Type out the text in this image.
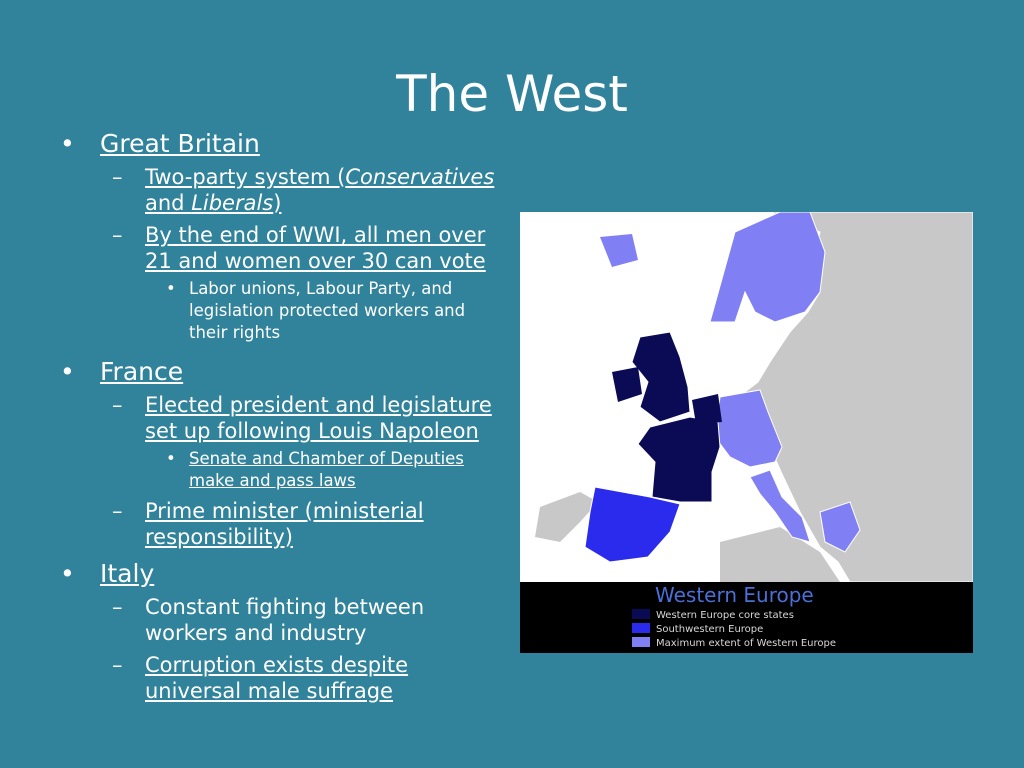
The West
• Great Britain
– Two-party system (Conservatives and Liberals)
– By the end of WWI, all men over 21 and women over 30 can vote
• Labor unions, Labour Party, and legislation protected workers and their rights
• France
– Elected president and legislature set up following Louis Napoleon
• Senate and Chamber of Deputies make and pass laws
– Prime minister (ministerial responsibility)
• Italy
– Constant fighting between workers and industry
– Corruption exists despite universal male suffrage
Western Europe
Western Europe core states
Southwestern Europe
Maximum extent of Western Europe
